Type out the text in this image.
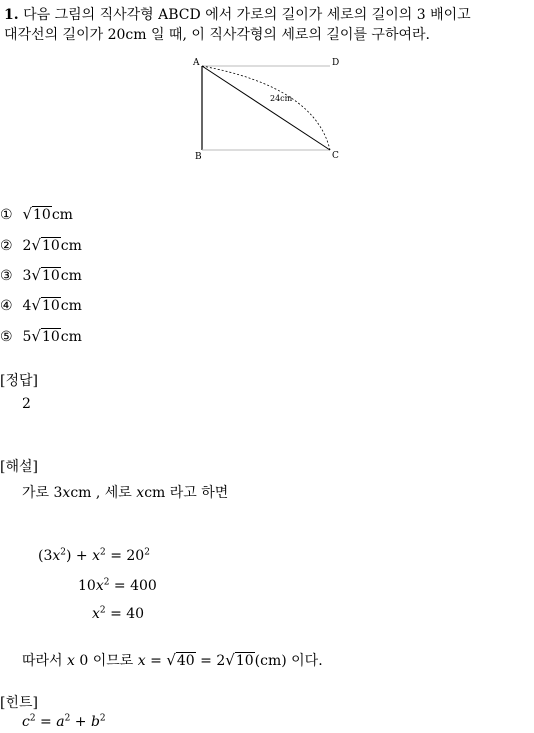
1. 다음 그림의 직사각형 ABCD 에서 가로의 길이가 세로의 길이의 3 배이고
대각선의 길이가 20cm 일 때, 이 직사각형의 세로의 길이를 구하여라.
A	D
B	C
24cm
① √10cm
② 2√10cm
③ 3√10cm
④ 4√10cm
⑤ 5√10cm
[정답]
2
[해설]
가로 3xcm , 세로 xcm 라고 하면
$(3x^2) + x^2 = 20^2$
$10x^2 = 400$
$x^2 = 40$
따라서 x 0 이므로 x = √40 = 2√10(cm) 이다.
[힌트]
$c^2 = a^2 + b^2$
